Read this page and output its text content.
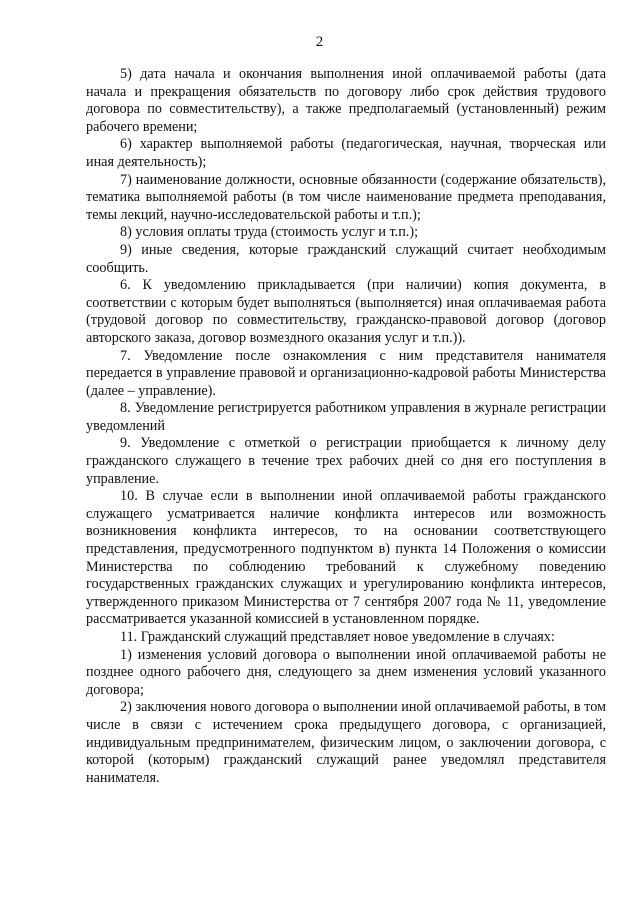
2

5) дата начала и окончания выполнения иной оплачиваемой работы (дата начала и прекращения обязательств по договору либо срок действия трудового договора по совместительству), а также предполагаемый (установленный) режим рабочего времени;

6) характер выполняемой работы (педагогическая, научная, творческая или иная деятельность);

7) наименование должности, основные обязанности (содержание обязательств), тематика выполняемой работы (в том числе наименование предмета преподавания, темы лекций, научно-исследовательской работы и т.п.);

8) условия оплаты труда (стоимость услуг и т.п.);

9) иные сведения, которые гражданский служащий считает необходимым сообщить.

6. К уведомлению прикладывается (при наличии) копия документа, в соответствии с которым будет выполняться (выполняется) иная оплачиваемая работа (трудовой договор по совместительству, гражданско-правовой договор (договор авторского заказа, договор возмездного оказания услуг и т.п.)).

7. Уведомление после ознакомления с ним представителя нанимателя передается в управление правовой и организационно-кадровой работы Министерства (далее – управление).

8. Уведомление регистрируется работником управления в журнале регистрации уведомлений

9. Уведомление с отметкой о регистрации приобщается к личному делу гражданского служащего в течение трех рабочих дней со дня его поступления в управление.

10. В случае если в выполнении иной оплачиваемой работы гражданского служащего усматривается наличие конфликта интересов или возможность возникновения конфликта интересов, то на основании соответствующего представления, предусмотренного подпунктом в) пункта 14 Положения о комиссии Министерства по соблюдению требований к служебному поведению государственных гражданских служащих и урегулированию конфликта интересов, утвержденного приказом Министерства от 7 сентября 2007 года № 11, уведомление рассматривается указанной комиссией в установленном порядке.

11. Гражданский служащий представляет новое уведомление в случаях:

1) изменения условий договора о выполнении иной оплачиваемой работы не позднее одного рабочего дня, следующего за днем изменения условий указанного договора;

2) заключения нового договора о выполнении иной оплачиваемой работы, в том числе в связи с истечением срока предыдущего договора, с организацией, индивидуальным предпринимателем, физическим лицом, о заключении договора, с которой (которым) гражданский служащий ранее уведомлял представителя нанимателя.
